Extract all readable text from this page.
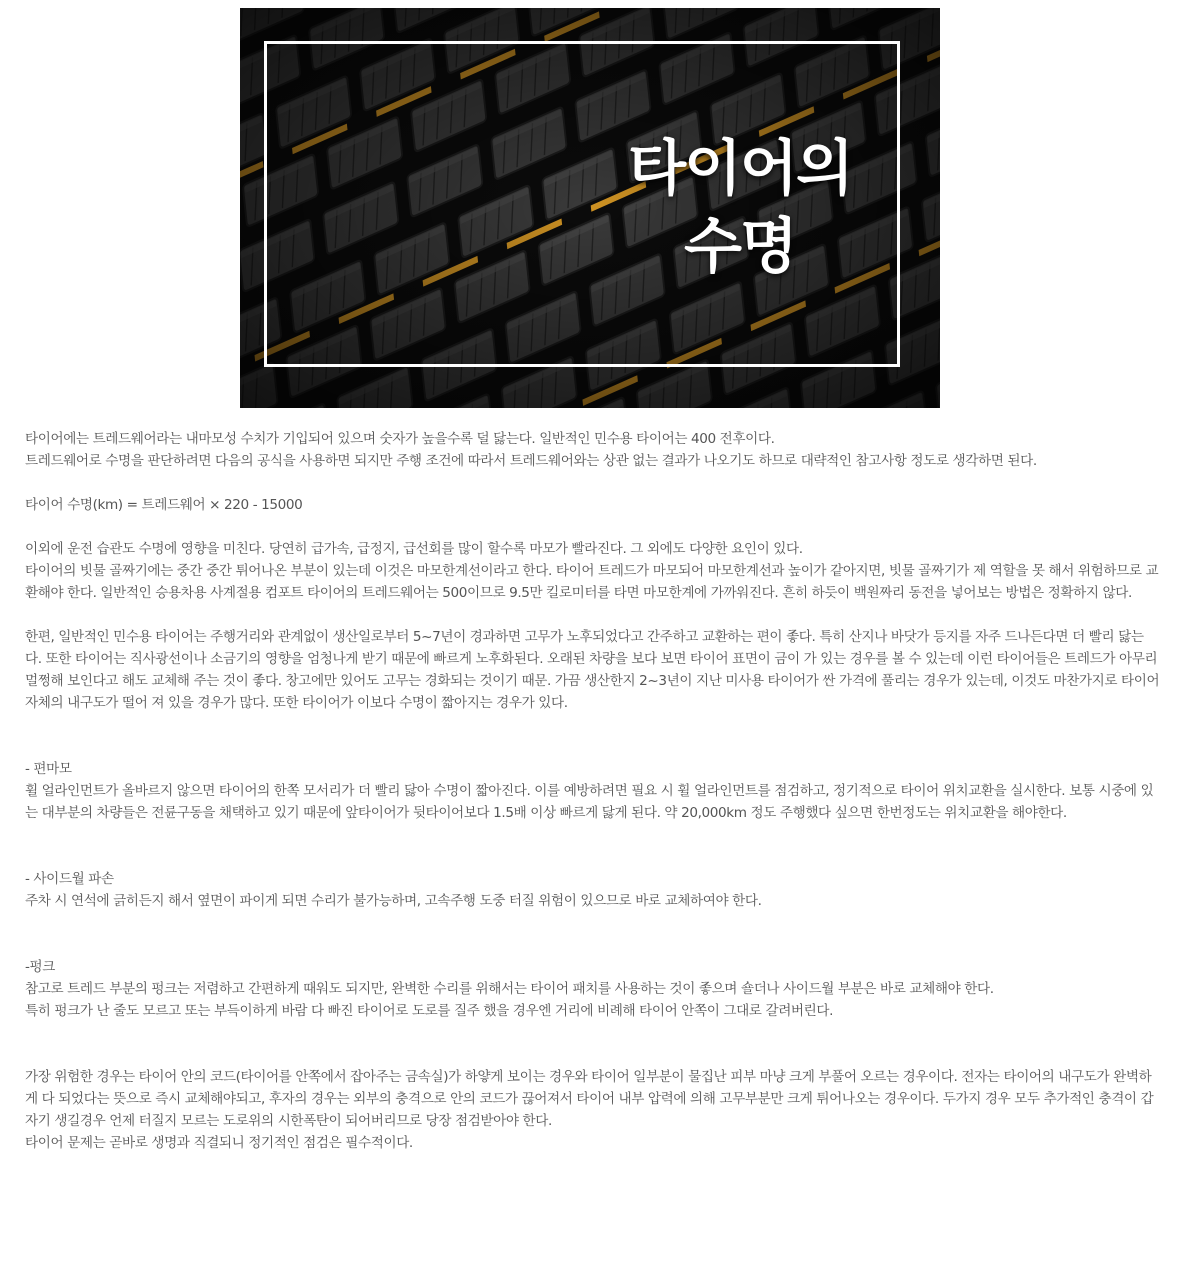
타이어의
수명

타이어에는 트레드웨어라는 내마모성 수치가 기입되어 있으며 숫자가 높을수록 덜 닳는다. 일반적인 민수용 타이어는 400 전후이다.

트레드웨어로 수명을 판단하려면 다음의 공식을 사용하면 되지만 주행 조건에 따라서 트레드웨어와는 상관 없는 결과가 나오기도 하므로 대략적인 참고사항 정도로 생각하면 된다.

타이어 수명(km) = 트레드웨어 × 220 - 15000

이외에 운전 습관도 수명에 영향을 미친다. 당연히 급가속, 급정지, 급선회를 많이 할수록 마모가 빨라진다. 그 외에도 다양한 요인이 있다.

타이어의 빗물 골짜기에는 중간 중간 튀어나온 부분이 있는데 이것은 마모한계선이라고 한다. 타이어 트레드가 마모되어 마모한계선과 높이가 같아지면, 빗물 골짜기가 제 역할을 못 해서 위험하므로 교환해야 한다. 일반적인 승용차용 사계절용 컴포트 타이어의 트레드웨어는 500이므로 9.5만 킬로미터를 타면 마모한계에 가까워진다. 흔히 하듯이 백원짜리 동전을 넣어보는 방법은 정확하지 않다.

한편, 일반적인 민수용 타이어는 주행거리와 관계없이 생산일로부터 5~7년이 경과하면 고무가 노후되었다고 간주하고 교환하는 편이 좋다. 특히 산지나 바닷가 등지를 자주 드나든다면 더 빨리 닳는다. 또한 타이어는 직사광선이나 소금기의 영향을 엄청나게 받기 때문에 빠르게 노후화된다. 오래된 차량을 보다 보면 타이어 표면이 금이 가 있는 경우를 볼 수 있는데 이런 타이어들은 트레드가 아무리 멀쩡해 보인다고 해도 교체해 주는 것이 좋다. 창고에만 있어도 고무는 경화되는 것이기 때문. 가끔 생산한지 2~3년이 지난 미사용 타이어가 싼 가격에 풀리는 경우가 있는데, 이것도 마찬가지로 타이어 자체의 내구도가 떨어 져 있을 경우가 많다. 또한 타이어가 이보다 수명이 짧아지는 경우가 있다.

- 편마모

휠 얼라인먼트가 올바르지 않으면 타이어의 한쪽 모서리가 더 빨리 닳아 수명이 짧아진다. 이를 예방하려면 필요 시 휠 얼라인먼트를 점검하고, 정기적으로 타이어 위치교환을 실시한다. 보통 시중에 있는 대부분의 차량들은 전륜구동을 채택하고 있기 때문에 앞타이어가 뒷타이어보다 1.5배 이상 빠르게 닳게 된다. 약 20,000km 정도 주행했다 싶으면 한번정도는 위치교환을 해야한다.

- 사이드월 파손

주차 시 연석에 긁히든지 해서 옆면이 파이게 되면 수리가 불가능하며, 고속주행 도중 터질 위험이 있으므로 바로 교체하여야 한다.

-펑크

참고로 트레드 부분의 펑크는 저렴하고 간편하게 때워도 되지만, 완벽한 수리를 위해서는 타이어 패치를 사용하는 것이 좋으며 숄더나 사이드월 부분은 바로 교체해야 한다.

특히 펑크가 난 줄도 모르고 또는 부득이하게 바람 다 빠진 타이어로 도로를 질주 했을 경우엔 거리에 비례해 타이어 안쪽이 그대로 갈려버린다.

가장 위험한 경우는 타이어 안의 코드(타이어를 안쪽에서 잡아주는 금속실)가 하얗게 보이는 경우와 타이어 일부분이 물집난 피부 마냥 크게 부풀어 오르는 경우이다. 전자는 타이어의 내구도가 완벽하게 다 되었다는 뜻으로 즉시 교체해야되고, 후자의 경우는 외부의 충격으로 안의 코드가 끊어져서 타이어 내부 압력에 의해 고무부분만 크게 튀어나오는 경우이다. 두가지 경우 모두 추가적인 충격이 갑자기 생길경우 언제 터질지 모르는 도로위의 시한폭탄이 되어버리므로 당장 점검받아야 한다.

타이어 문제는 곧바로 생명과 직결되니 정기적인 점검은 필수적이다.
